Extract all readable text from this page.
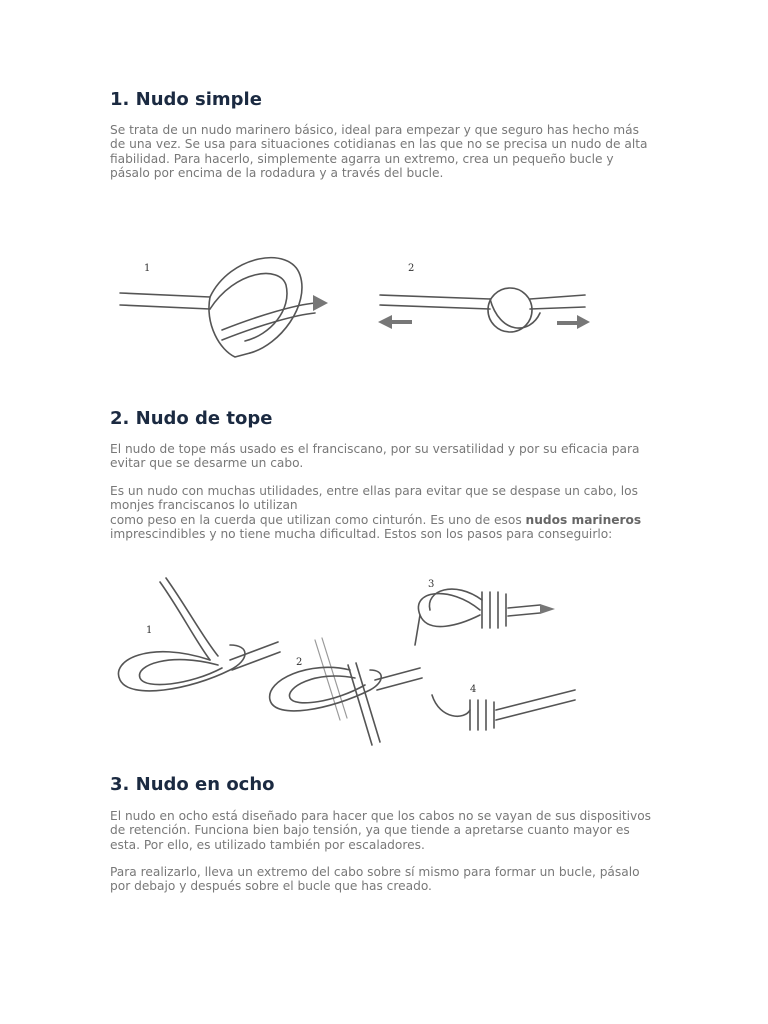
1. Nudo simple

Se trata de un nudo marinero básico, ideal para empezar y que seguro has hecho más de una vez. Se usa para situaciones cotidianas en las que no se precisa un nudo de alta fiabilidad. Para hacerlo, simplemente agarra un extremo, crea un pequeño bucle y pásalo por encima de la rodadura y a través del bucle.

1	2
2. Nudo de tope

El nudo de tope más usado es el franciscano, por su versatilidad y por su eficacia para evitar que se desarme un cabo.

Es un nudo con muchas utilidades, entre ellas para evitar que se despase un cabo, los monjes franciscanos lo utilizan
como peso en la cuerda que utilizan como cinturón. Es uno de esos nudos marineros imprescindibles y no tiene mucha dificultad. Estos son los pasos para conseguirlo:

1
2
3
4
3. Nudo en ocho

El nudo en ocho está diseñado para hacer que los cabos no se vayan de sus dispositivos de retención. Funciona bien bajo tensión, ya que tiende a apretarse cuanto mayor es esta. Por ello, es utilizado también por escaladores.

Para realizarlo, lleva un extremo del cabo sobre sí mismo para formar un bucle, pásalo por debajo y después sobre el bucle que has creado.
